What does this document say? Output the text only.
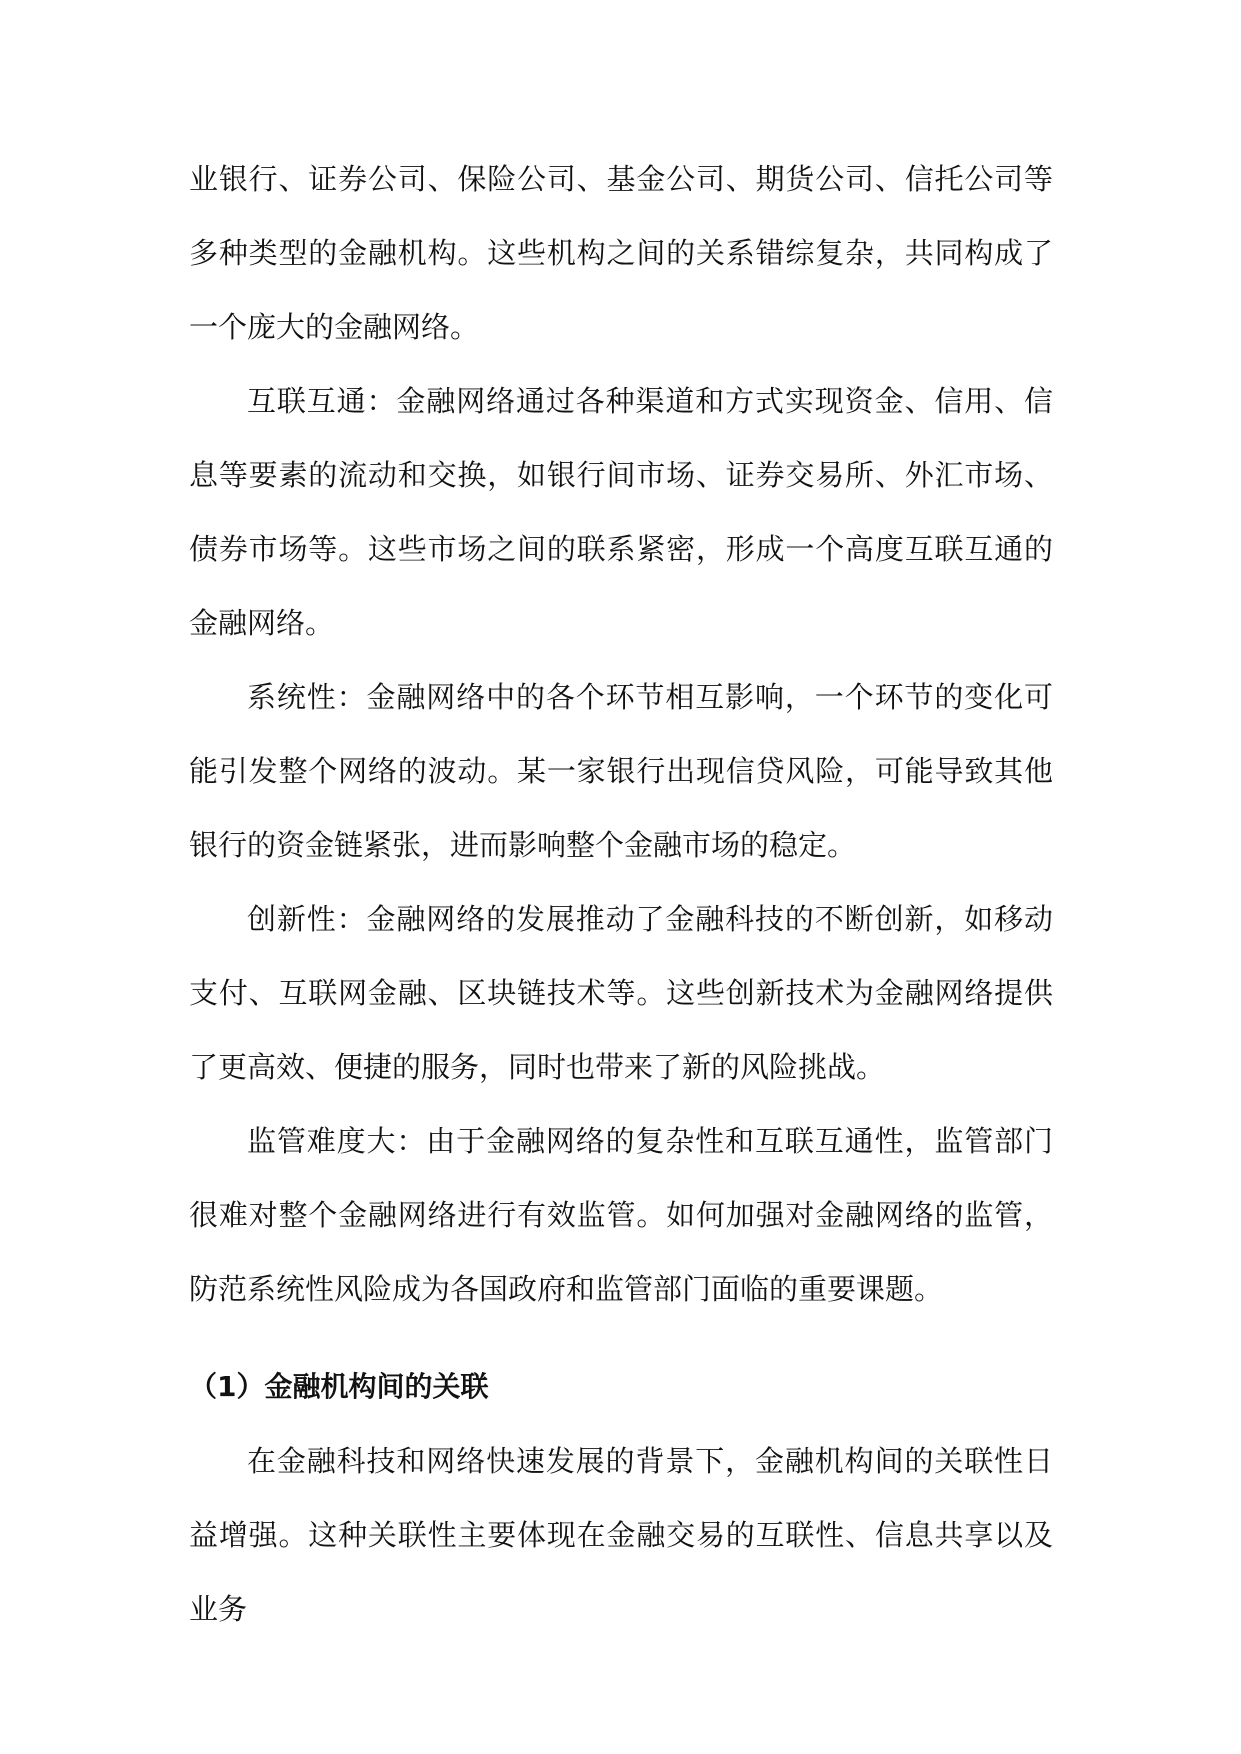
业银行、证券公司、保险公司、基金公司、期货公司、信托公司等多种类型的金融机构。这些机构之间的关系错综复杂，共同构成了一个庞大的金融网络。

互联互通：金融网络通过各种渠道和方式实现资金、信用、信息等要素的流动和交换，如银行间市场、证券交易所、外汇市场、债券市场等。这些市场之间的联系紧密，形成一个高度互联互通的金融网络。

系统性：金融网络中的各个环节相互影响，一个环节的变化可能引发整个网络的波动。某一家银行出现信贷风险，可能导致其他银行的资金链紧张，进而影响整个金融市场的稳定。

创新性：金融网络的发展推动了金融科技的不断创新，如移动支付、互联网金融、区块链技术等。这些创新技术为金融网络提供了更高效、便捷的服务，同时也带来了新的风险挑战。

监管难度大：由于金融网络的复杂性和互联互通性，监管部门很难对整个金融网络进行有效监管。如何加强对金融网络的监管，防范系统性风险成为各国政府和监管部门面临的重要课题。

（1）金融机构间的关联

在金融科技和网络快速发展的背景下，金融机构间的关联性日益增强。这种关联性主要体现在金融交易的互联性、信息共享以及业务
